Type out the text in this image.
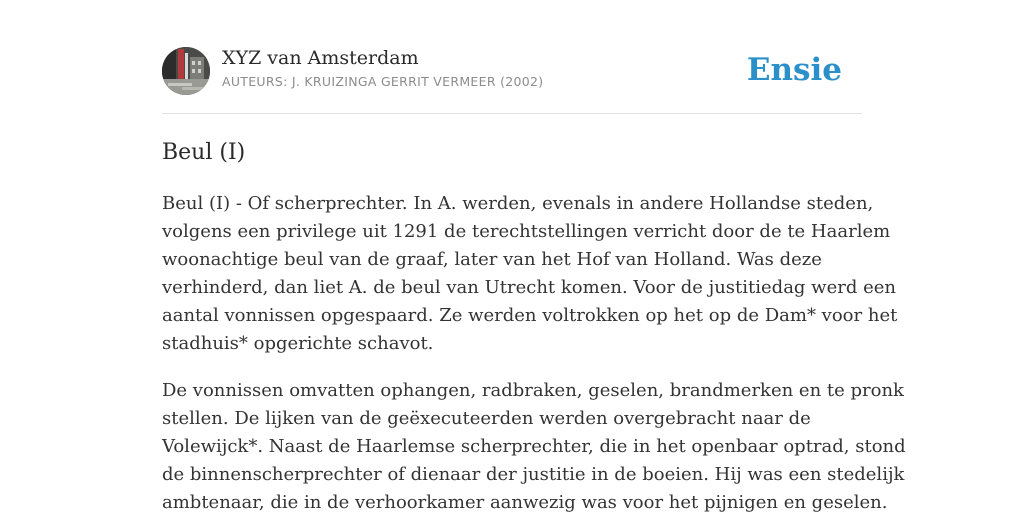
XYZ van Amsterdam
AUTEURS: J. KRUIZINGA GERRIT VERMEER (2002)	Ensie
Beul (I)

Beul (I) - Of scherprechter. In A. werden, evenals in andere Hollandse steden,
volgens een privilege uit 1291 de terechtstellingen verricht door de te Haarlem
woonachtige beul van de graaf, later van het Hof van Holland. Was deze
verhinderd, dan liet A. de beul van Utrecht komen. Voor de justitiedag werd een
aantal vonnissen opgespaard. Ze werden voltrokken op het op de Dam* voor het
stadhuis* opgerichte schavot.

De vonnissen omvatten ophangen, radbraken, geselen, brandmerken en te pronk
stellen. De lijken van de geëxecuteerden werden overgebracht naar de
Volewijck*. Naast de Haarlemse scherprechter, die in het openbaar optrad, stond
de binnenscherprechter of dienaar der justitie in de boeien. Hij was een stedelijk
ambtenaar, die in de verhoorkamer aanwezig was voor het pijnigen en geselen.
